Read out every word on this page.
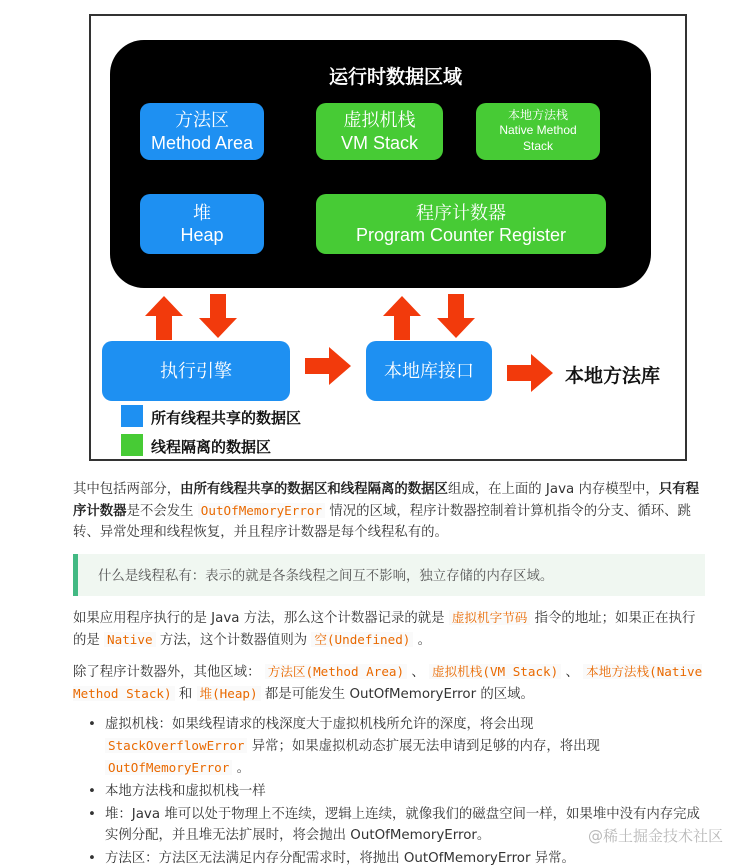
运行时数据区域
方法区
Method Area
虚拟机栈
VM Stack
本地方法栈
Native Method
Stack
堆
Heap
程序计数器
Program Counter Register
执行引擎	本地库接口	本地方法库
所有线程共享的数据区
线程隔离的数据区

其中包括两部分，由所有线程共享的数据区和线程隔离的数据区组成，在上面的 Java 内存模型中，只有程序计数器是不会发生 OutOfMemoryError 情况的区域，程序计数器控制着计算机指令的分支、循环、跳转、异常处理和线程恢复，并且程序计数器是每个线程私有的。

什么是线程私有：表示的就是各条线程之间互不影响，独立存储的内存区域。

如果应用程序执行的是 Java 方法，那么这个计数器记录的就是 虚拟机字节码 指令的地址；如果正在执行的是 Native 方法，这个计数器值则为 空(Undefined) 。

除了程序计数器外，其他区域： 方法区(Method Area) 、 虚拟机栈(VM Stack) 、 本地方法栈(Native Method Stack) 和 堆(Heap) 都是可能发生 OutOfMemoryError 的区域。

• 虚拟机栈：如果线程请求的栈深度大于虚拟机栈所允许的深度，将会出现
StackOverflowError 异常；如果虚拟机动态扩展无法申请到足够的内存，将出现
OutOfMemoryError 。
• 本地方法栈和虚拟机栈一样
• 堆：Java 堆可以处于物理上不连续，逻辑上连续，就像我们的磁盘空间一样，如果堆中没有内存完成实例分配，并且堆无法扩展时，将会抛出 OutOfMemoryError。
• 方法区：方法区无法满足内存分配需求时，将抛出 OutOfMemoryError 异常。
@稀土掘金技术社区
